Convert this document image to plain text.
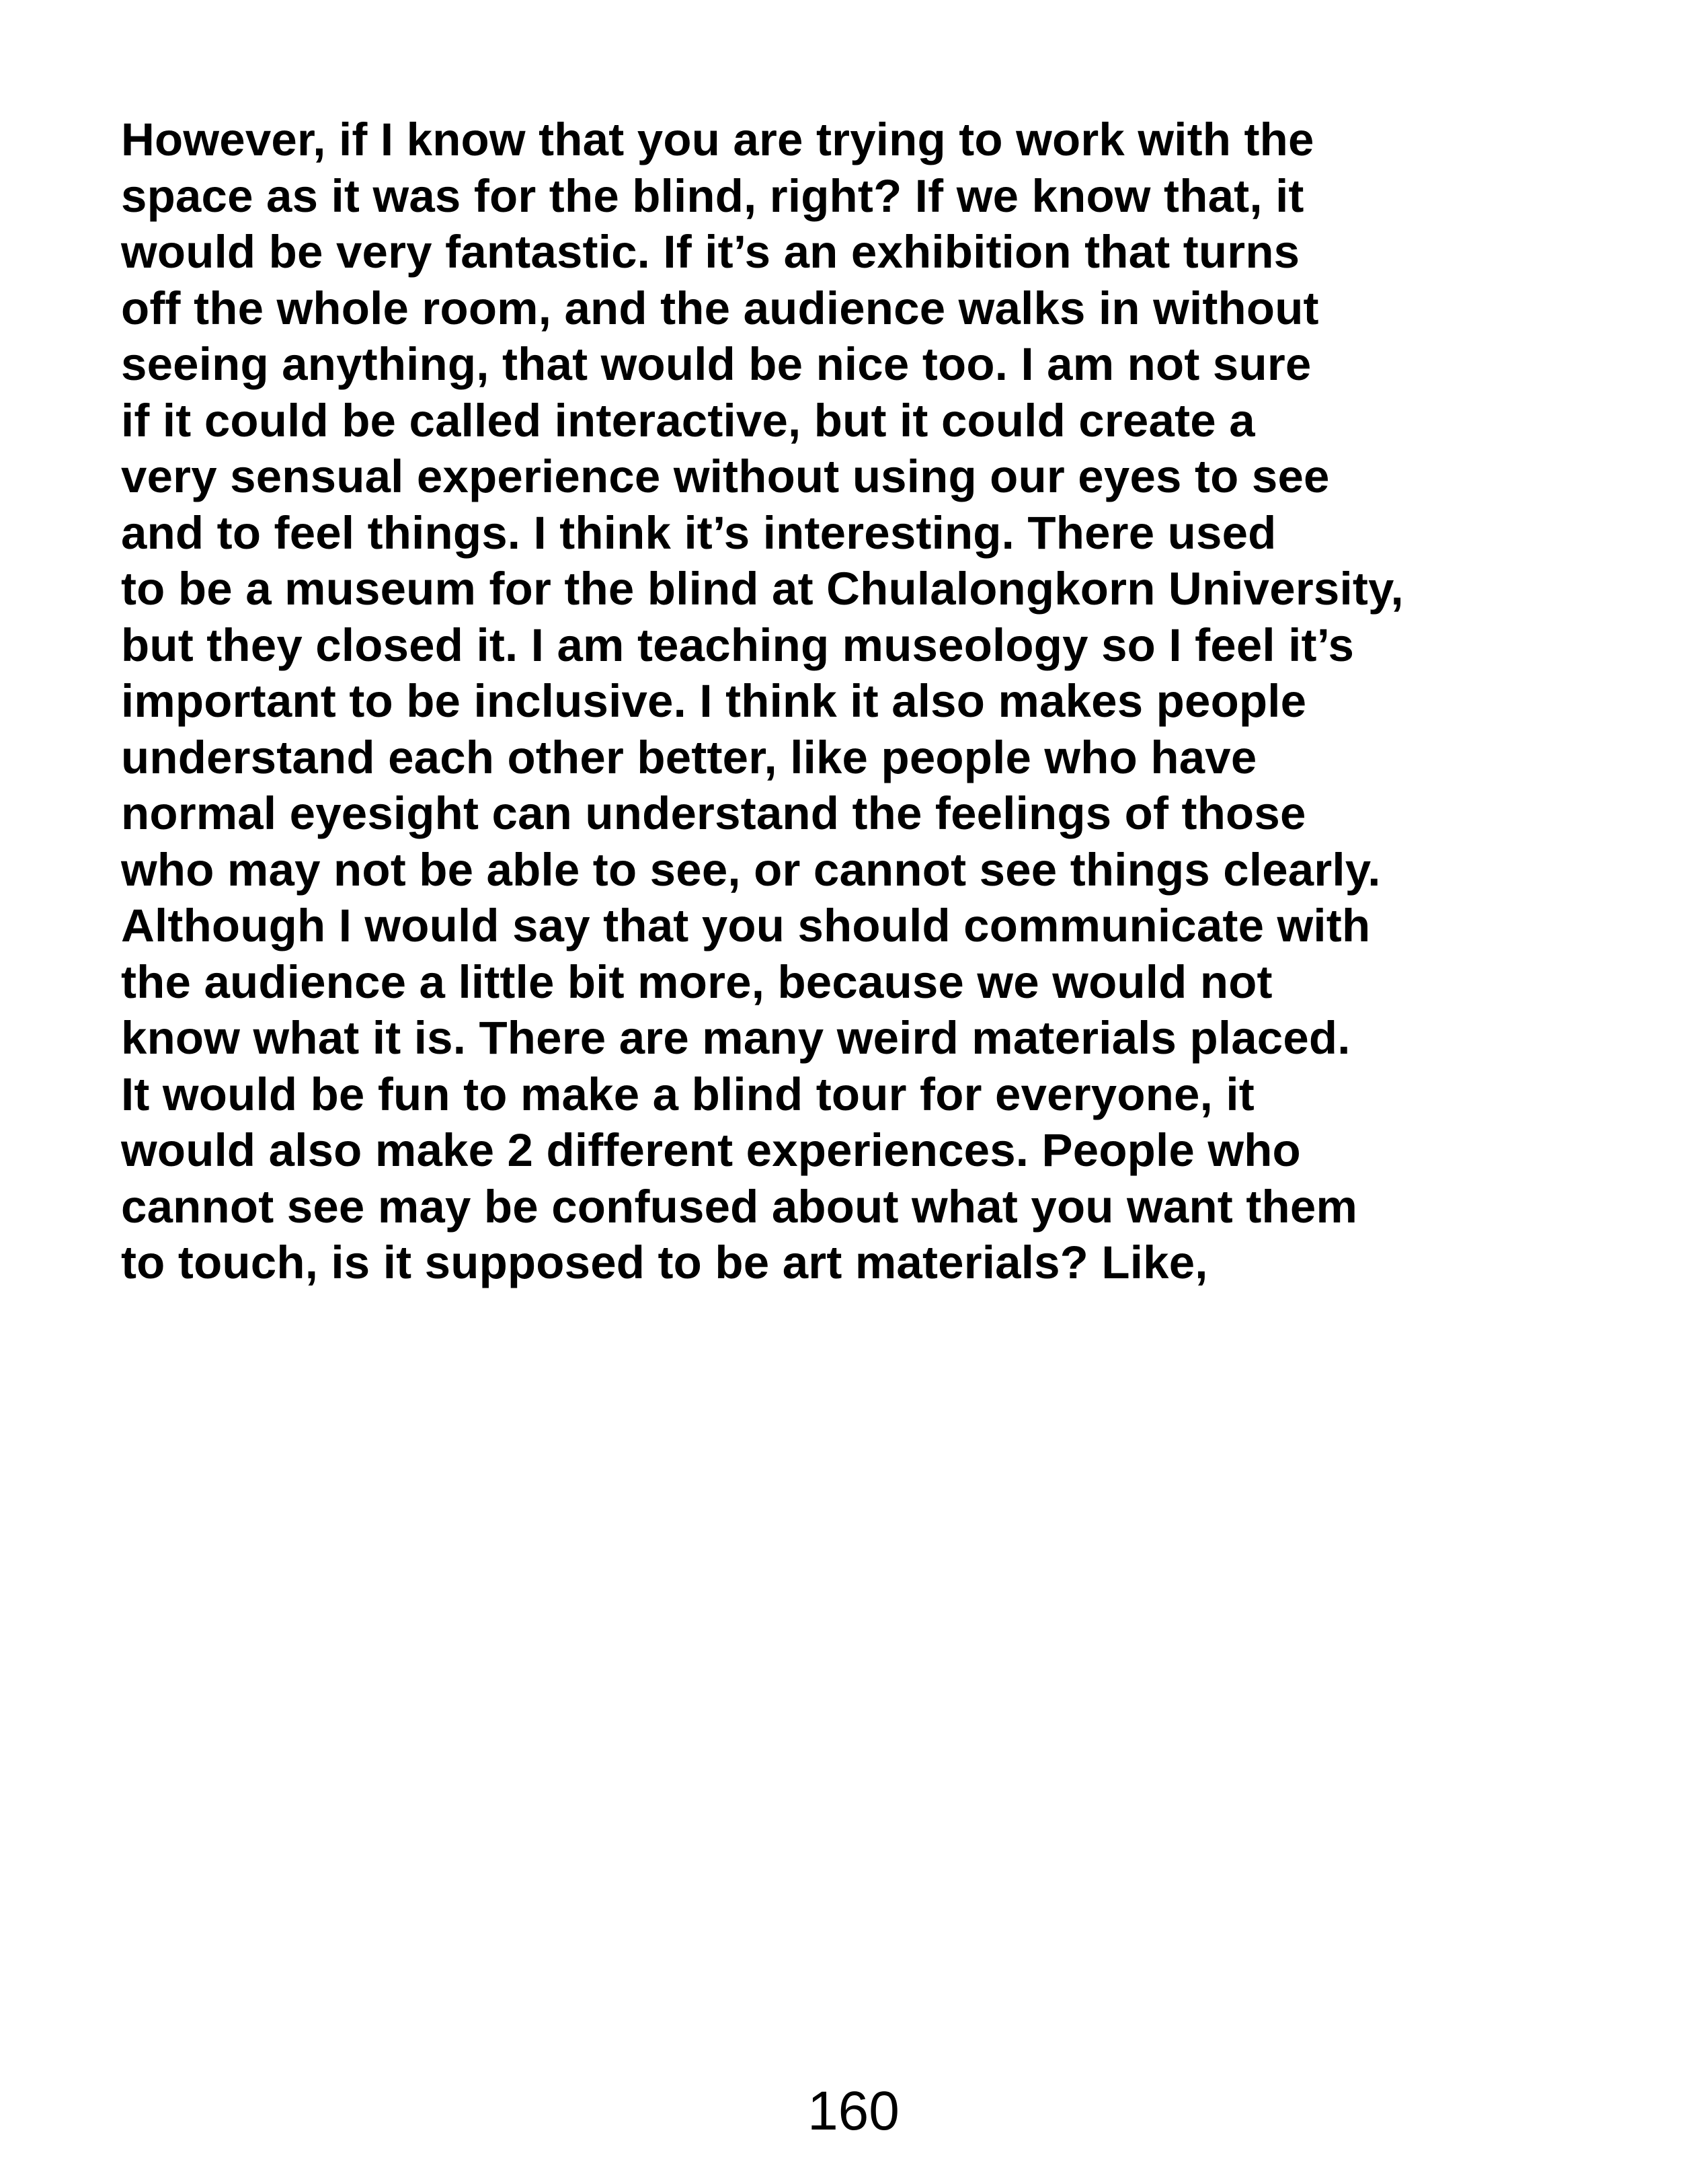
However, if I know that you are trying to work with the
space as it was for the blind, right? If we know that, it
would be very fantastic. If it’s an exhibition that turns
off the whole room, and the audience walks in without
seeing anything, that would be nice too. I am not sure
if it could be called interactive, but it could create a
very sensual experience without using our eyes to see
and to feel things. I think it’s interesting. There used
to be a museum for the blind at Chulalongkorn University,
but they closed it. I am teaching museology so I feel it’s
important to be inclusive. I think it also makes people
understand each other better, like people who have
normal eyesight can understand the feelings of those
who may not be able to see, or cannot see things clearly.
Although I would say that you should communicate with
the audience a little bit more, because we would not
know what it is. There are many weird materials placed.
It would be fun to make a blind tour for everyone, it
would also make 2 different experiences. People who
cannot see may be confused about what you want them
to touch, is it supposed to be art materials? Like,

160
